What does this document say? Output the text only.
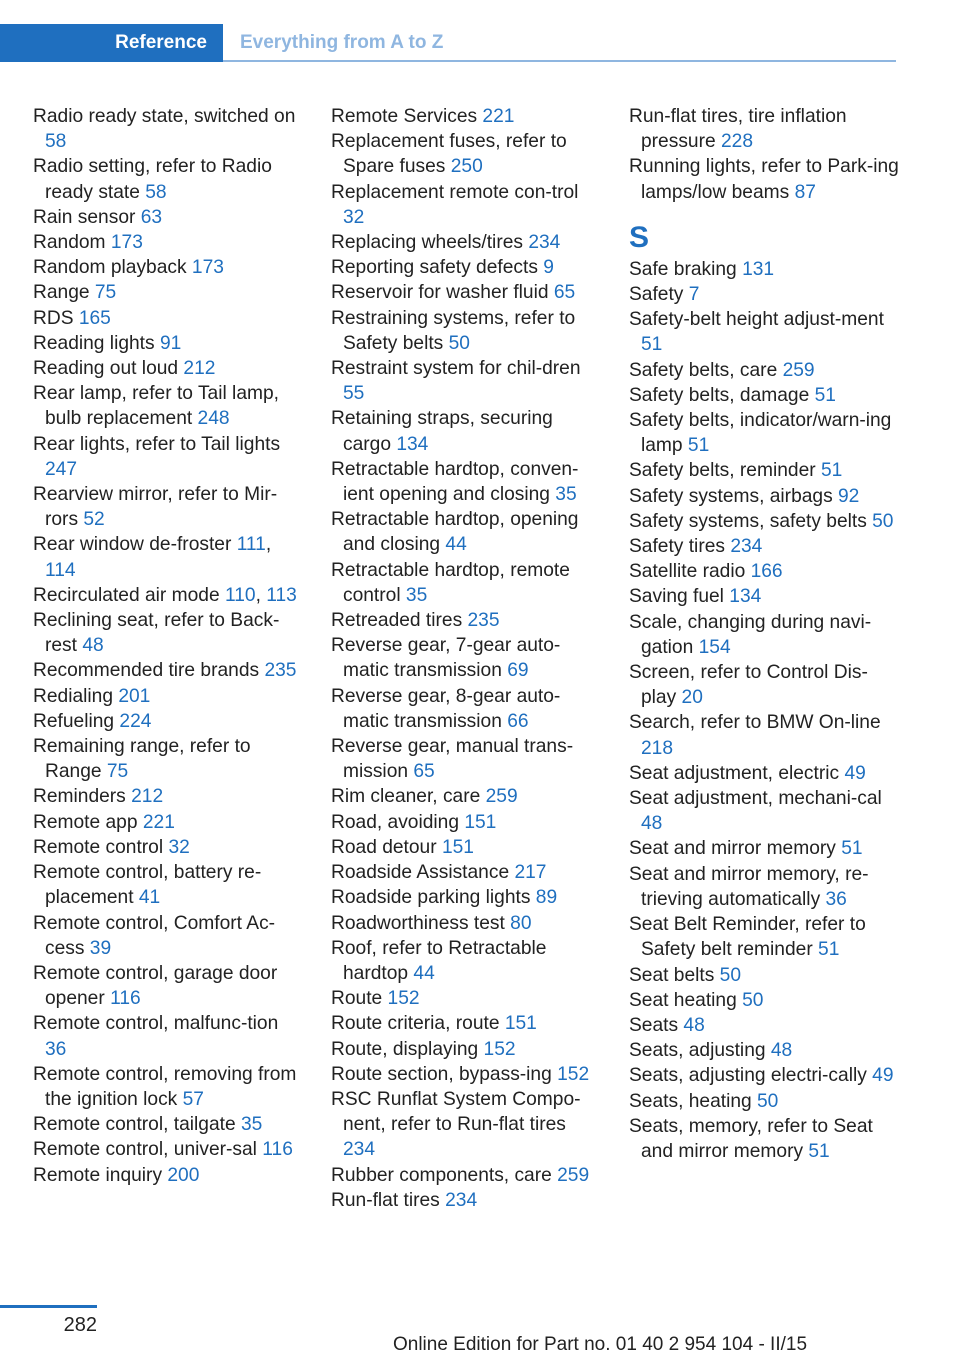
Reference	Everything from A to Z
Radio ready state, switched on 58
Radio setting, refer to Radio ready state 58
Rain sensor 63
Random 173
Random playback 173
Range 75
RDS 165
Reading lights 91
Reading out loud 212
Rear lamp, refer to Tail lamp, bulb replacement 248
Rear lights, refer to Tail lights 247
Rearview mirror, refer to Mir-rors 52
Rear window de-froster 111, 114
Recirculated air mode 110, 113
Reclining seat, refer to Back-rest 48
Recommended tire brands 235
Redialing 201
Refueling 224
Remaining range, refer to Range 75
Reminders 212
Remote app 221
Remote control 32
Remote control, battery re-placement 41
Remote control, Comfort Ac-cess 39
Remote control, garage door opener 116
Remote control, malfunc-tion 36
Remote control, removing from the ignition lock 57
Remote control, tailgate 35
Remote control, univer-sal 116
Remote inquiry 200
Remote Services 221
Replacement fuses, refer to Spare fuses 250
Replacement remote con-trol 32
Replacing wheels/tires 234
Reporting safety defects 9
Reservoir for washer fluid 65
Restraining systems, refer to Safety belts 50
Restraint system for chil-dren 55
Retaining straps, securing cargo 134
Retractable hardtop, conven-ient opening and closing 35
Retractable hardtop, opening and closing 44
Retractable hardtop, remote control 35
Retreaded tires 235
Reverse gear, 7-gear auto-matic transmission 69
Reverse gear, 8-gear auto-matic transmission 66
Reverse gear, manual trans-mission 65
Rim cleaner, care 259
Road, avoiding 151
Road detour 151
Roadside Assistance 217
Roadside parking lights 89
Roadworthiness test 80
Roof, refer to Retractable hardtop 44
Route 152
Route criteria, route 151
Route, displaying 152
Route section, bypass-ing 152
RSC Runflat System Compo-nent, refer to Run-flat tires 234
Rubber components, care 259
Run-flat tires 234
Run-flat tires, tire inflation pressure 228
Running lights, refer to Park-ing lamps/low beams 87
S
Safe braking 131
Safety 7
Safety-belt height adjust-ment 51
Safety belts, care 259
Safety belts, damage 51
Safety belts, indicator/warn-ing lamp 51
Safety belts, reminder 51
Safety systems, airbags 92
Safety systems, safety belts 50
Safety tires 234
Satellite radio 166
Saving fuel 134
Scale, changing during navi-gation 154
Screen, refer to Control Dis-play 20
Search, refer to BMW On-line 218
Seat adjustment, electric 49
Seat adjustment, mechani-cal 48
Seat and mirror memory 51
Seat and mirror memory, re-trieving automatically 36
Seat Belt Reminder, refer to Safety belt reminder 51
Seat belts 50
Seat heating 50
Seats 48
Seats, adjusting 48
Seats, adjusting electri-cally 49
Seats, heating 50
Seats, memory, refer to Seat and mirror memory 51
282
Online Edition for Part no. 01 40 2 954 104 - II/15
